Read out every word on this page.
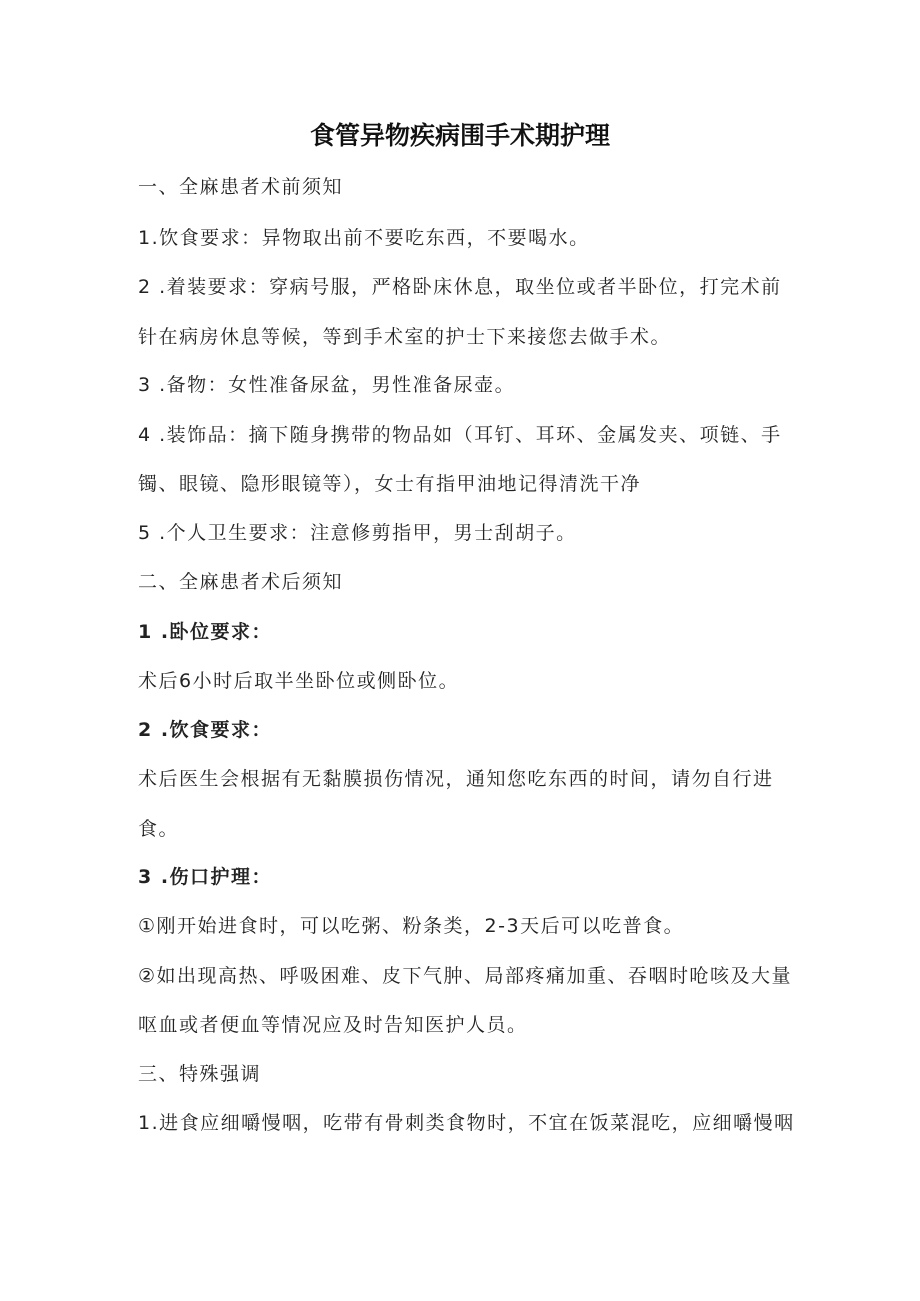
食管异物疾病围手术期护理
一、全麻患者术前须知
1.饮食要求：异物取出前不要吃东西，不要喝水。
2 .着装要求：穿病号服，严格卧床休息，取坐位或者半卧位，打完术前
针在病房休息等候，等到手术室的护士下来接您去做手术。
3 .备物：女性准备尿盆，男性准备尿壶。
4 .装饰品：摘下随身携带的物品如（耳钉、耳环、金属发夹、项链、手
镯、眼镜、隐形眼镜等），女士有指甲油地记得清洗干净
5 .个人卫生要求：注意修剪指甲，男士刮胡子。
二、全麻患者术后须知
1 .卧位要求：
术后6小时后取半坐卧位或侧卧位。
2 .饮食要求：
术后医生会根据有无黏膜损伤情况，通知您吃东西的时间，请勿自行进
食。
3 .伤口护理：
①刚开始进食时，可以吃粥、粉条类，2-3天后可以吃普食。
②如出现高热、呼吸困难、皮下气肿、局部疼痛加重、吞咽时呛咳及大量
呕血或者便血等情况应及时告知医护人员。
三、特殊强调
1.进食应细嚼慢咽，吃带有骨刺类食物时，不宜在饭菜混吃，应细嚼慢咽
